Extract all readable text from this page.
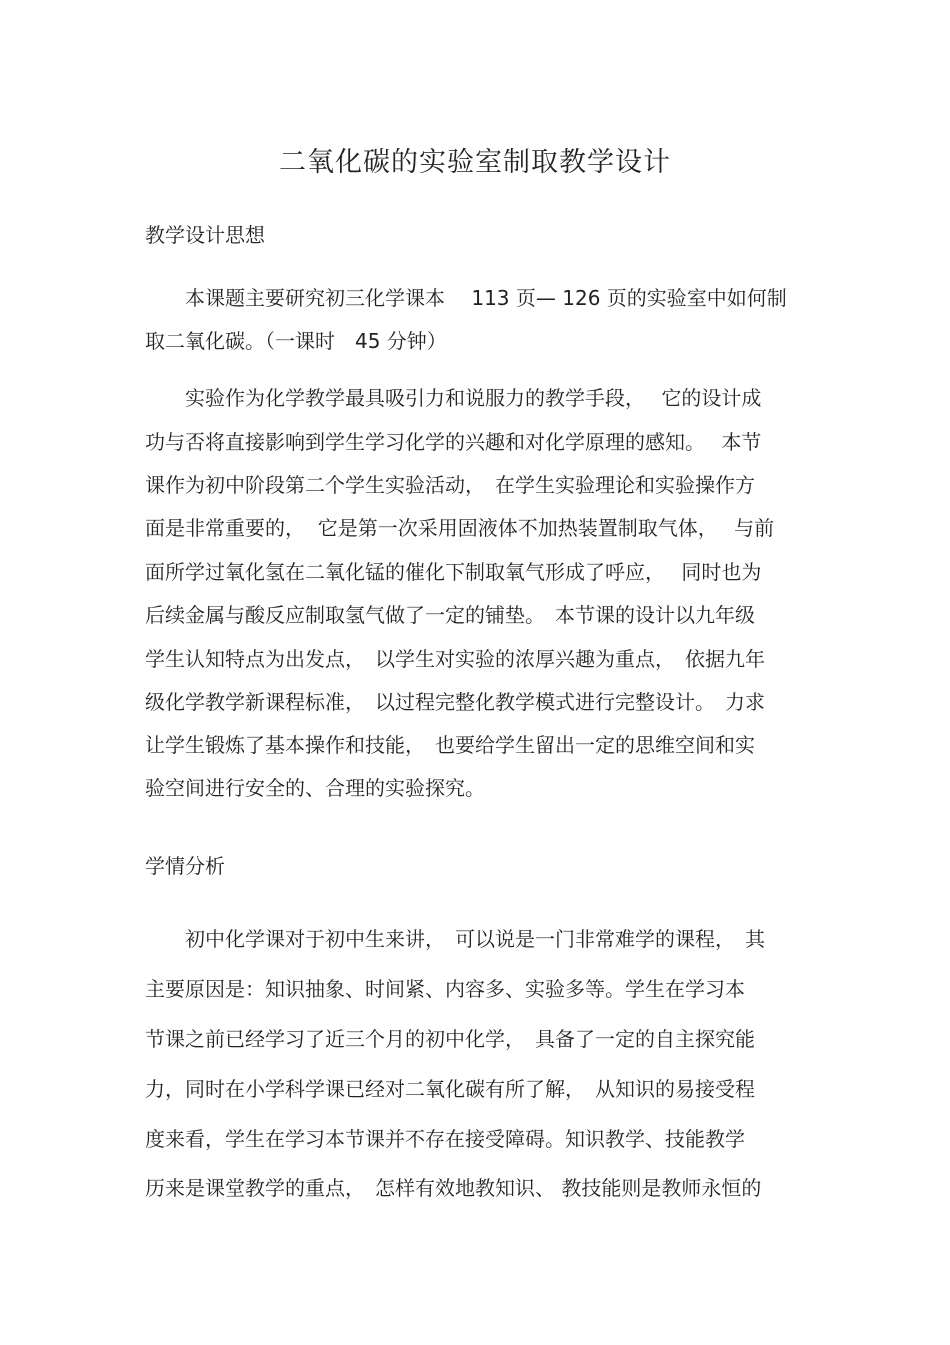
二氧化碳的实验室制取教学设计
教学设计思想
　　本课题主要研究初三化学课本　 113 页— 126 页的实验室中如何制
取二氧化碳。（一课时　45 分钟）
　　实验作为化学教学最具吸引力和说服力的教学手段，　 它的设计成
功与否将直接影响到学生学习化学的兴趣和对化学原理的感知。　 本节
课作为初中阶段第二个学生实验活动，　在学生实验理论和实验操作方
面是非常重要的，  它是第一次采用固液体不加热装置制取气体，　 与前
面所学过氧化氢在二氧化锰的催化下制取氧气形成了呼应，　 同时也为
后续金属与酸反应制取氢气做了一定的铺垫。　本节课的设计以九年级
学生认知特点为出发点，　以学生对实验的浓厚兴趣为重点，　依据九年
级化学教学新课程标准，　以过程完整化教学模式进行完整设计。　力求
让学生锻炼了基本操作和技能，　也要给学生留出一定的思维空间和实
验空间进行安全的、合理的实验探究。
学情分析
　　初中化学课对于初中生来讲，　可以说是一门非常难学的课程，　其
主要原因是：知识抽象、时间紧、内容多、实验多等。学生在学习本
节课之前已经学习了近三个月的初中化学，　具备了一定的自主探究能
力，同时在小学科学课已经对二氧化碳有所了解，　从知识的易接受程
度来看，学生在学习本节课并不存在接受障碍。知识教学、技能教学
历来是课堂教学的重点，　怎样有效地教知识、 教技能则是教师永恒的
